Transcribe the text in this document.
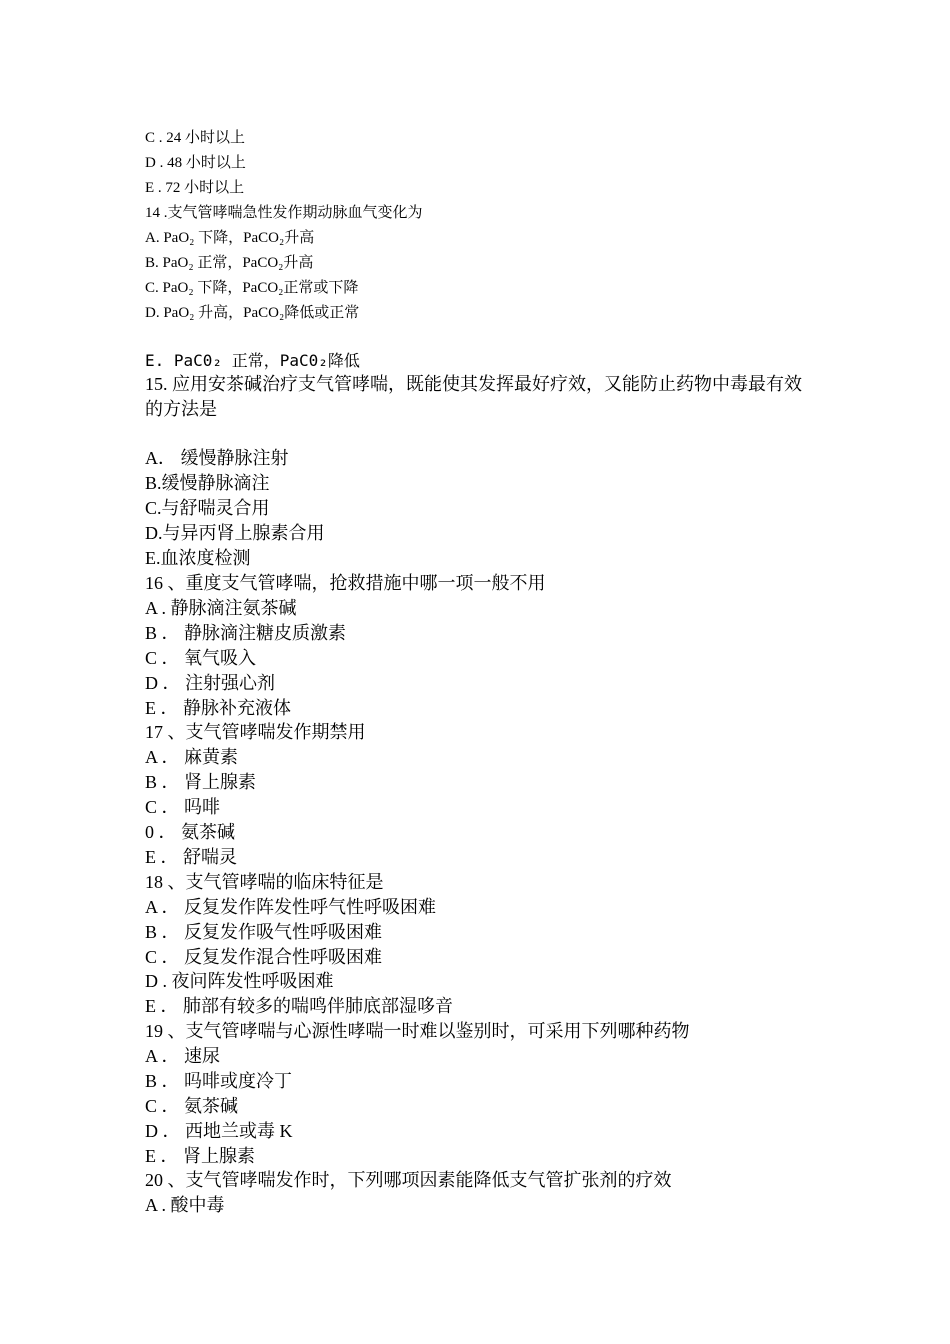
C . 24 小时以上
D . 48 小时以上
E . 72 小时以上
14 .支气管哮喘急性发作期动脉血气变化为
A. PaO₂ 下降，PaCO₂升高
B. PaO₂ 正常，PaCO₂升高
C. PaO₂ 下降，PaCO₂正常或下降
D. PaO₂ 升高，PaCO₂降低或正常
E. PaC0₂ 正常，PaC0₂降低
15. 应用安茶碱治疗支气管哮喘，既能使其发挥最好疗效，又能防止药物中毒最有效的方法是
A． 缓慢静脉注射
B.缓慢静脉滴注
C.与舒喘灵合用
D.与异丙肾上腺素合用
E.血浓度检测
16 、重度支气管哮喘，抢救措施中哪一项一般不用
A . 静脉滴注氨茶碱
B ． 静脉滴注糖皮质激素
C ． 氧气吸入
D ． 注射强心剂
E ． 静脉补充液体
17 、支气管哮喘发作期禁用
A ． 麻黄素
B ． 肾上腺素
C ． 吗啡
0 ． 氨茶碱
E ． 舒喘灵
18 、支气管哮喘的临床特征是
A ． 反复发作阵发性呼气性呼吸困难
B ． 反复发作吸气性呼吸困难
C ． 反复发作混合性呼吸困难
D . 夜问阵发性呼吸困难
E ． 肺部有较多的喘鸣伴肺底部湿哆音
19 、支气管哮喘与心源性哮喘一时难以鉴别时，可采用下列哪种药物
A ． 速尿
B ． 吗啡或度冷丁
C ． 氨茶碱
D ． 西地兰或毒 K
E ． 肾上腺素
20 、支气管哮喘发作时，下列哪项因素能降低支气管扩张剂的疗效
A . 酸中毒
